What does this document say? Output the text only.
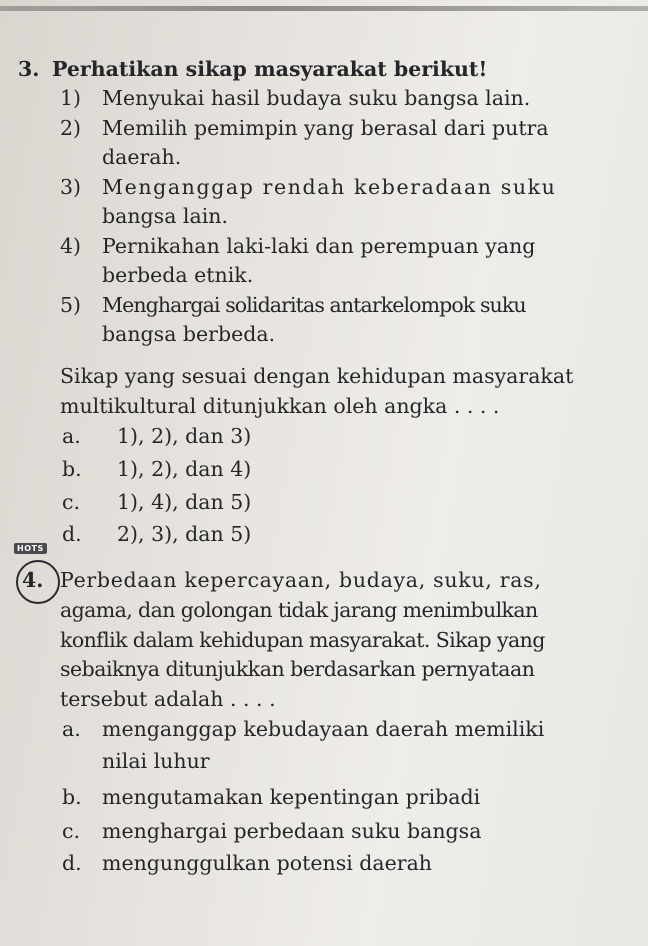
3. Perhatikan sikap masyarakat berikut!
1) Menyukai hasil budaya suku bangsa lain.
2) Memilih pemimpin yang berasal dari putra
daerah.
3) Menganggap rendah keberadaan suku
bangsa lain.
4) Pernikahan laki-laki dan perempuan yang
berbeda etnik.
5) Menghargai solidaritas antarkelompok suku
bangsa berbeda.
Sikap yang sesuai dengan kehidupan masyarakat
multikultural ditunjukkan oleh angka . . . .
a. 1), 2), dan 3)
b. 1), 2), dan 4)
c. 1), 4), dan 5)
d. 2), 3), dan 5)
HOTS
4. Perbedaan kepercayaan, budaya, suku, ras,
agama, dan golongan tidak jarang menimbulkan
konflik dalam kehidupan masyarakat. Sikap yang
sebaiknya ditunjukkan berdasarkan pernyataan
tersebut adalah . . . .
a. menganggap kebudayaan daerah memiliki
nilai luhur
b. mengutamakan kepentingan pribadi
c. menghargai perbedaan suku bangsa
d. mengunggulkan potensi daerah
